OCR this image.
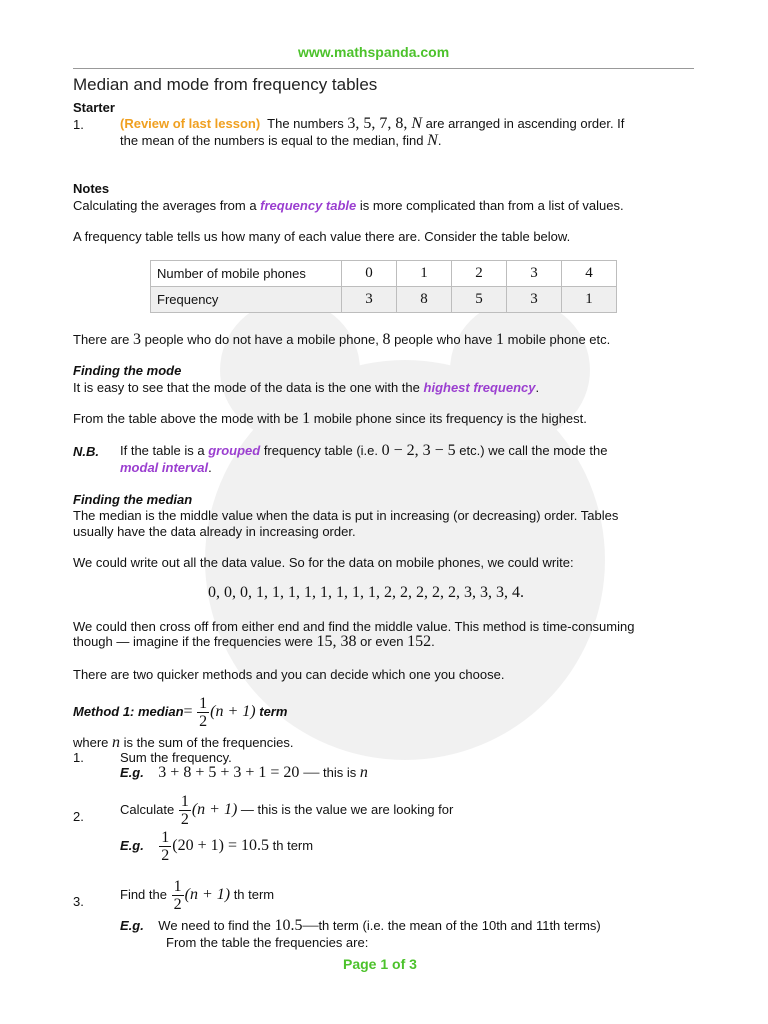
www.mathspanda.com
Median and mode from frequency tables
Starter
1.	(Review of last lesson) The numbers 3, 5, 7, 8, N are arranged in ascending order. If
the mean of the numbers is equal to the median, find N.
Notes
Calculating the averages from a frequency table is more complicated than from a list of values.
A frequency table tells us how many of each value there are. Consider the table below.
Number of mobile phones	0	1	2	3	4
Frequency	3	8	5	3	1
There are 3 people who do not have a mobile phone, 8 people who have 1 mobile phone etc.
Finding the mode
It is easy to see that the mode of the data is the one with the highest frequency.
From the table above the mode with be 1 mobile phone since its frequency is the highest.
N.B. If the table is a grouped frequency table (i.e. 0 − 2, 3 − 5 etc.) we call the mode the
modal interval.
Finding the median
The median is the middle value when the data is put in increasing (or decreasing) order. Tables
usually have the data already in increasing order.
We could write out all the data value. So for the data on mobile phones, we could write:
0, 0, 0, 1, 1, 1, 1, 1, 1, 1, 1, 2, 2, 2, 2, 2, 3, 3, 3, 4.
We could then cross off from either end and find the middle value. This method is time-consuming
though — imagine if the frequencies were 15, 38 or even 152.
There are two quicker methods and you can decide which one you choose.
Method 1: median= $\frac{1}{2} (n + 1)$ term
where n is the sum of the frequencies.
1.	Sum the frequency.
E.g. 3 + 8 + 5 + 3 + 1 = 20 — this is n
2.	Calculate $\frac{1}{2} (n + 1)$ — this is the value we are looking for
E.g. $\frac{1}{2} (20 + 1) = 10.5$ th term
3.	Find the $\frac{1}{2} (n + 1)$ th term
E.g. We need to find the 10.5—th term (i.e. the mean of the 10th and 11th terms)
From the table the frequencies are:
Page 1 of 3
